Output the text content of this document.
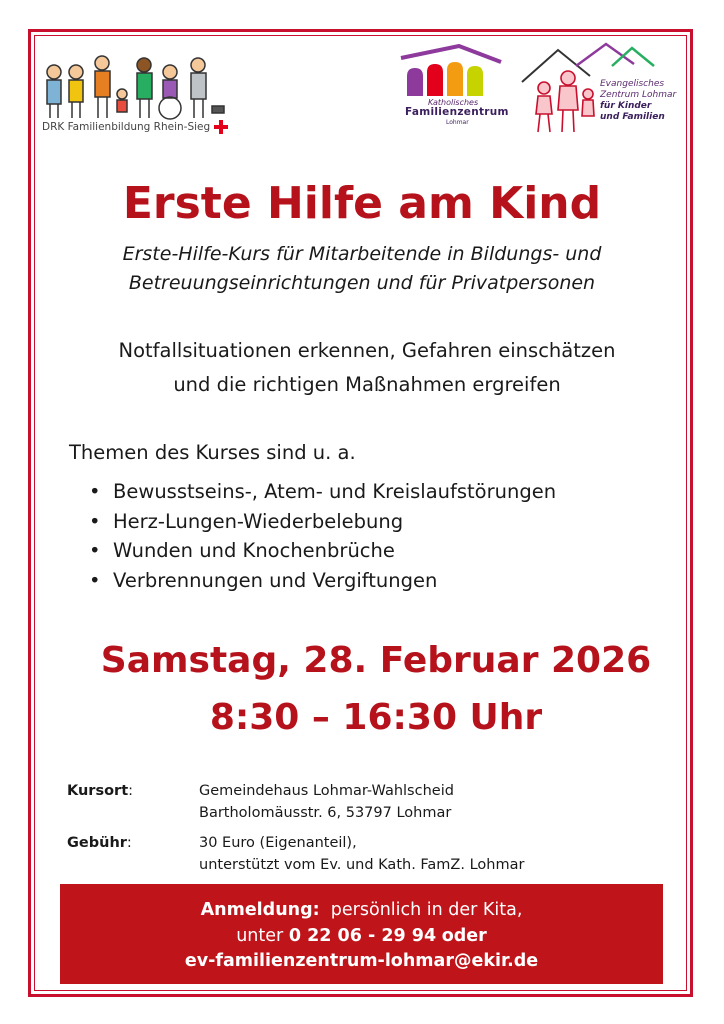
DRK Familienbildung Rhein-Sieg
Katholisches
Familienzentrum
Lohmar
Evangelisches
Zentrum Lohmar
für Kinder
und Familien
Erste Hilfe am Kind
Erste-Hilfe-Kurs für Mitarbeitende in Bildungs- und
Betreuungseinrichtungen und für Privatpersonen
Notfallsituationen erkennen, Gefahren einschätzen
und die richtigen Maßnahmen ergreifen
Themen des Kurses sind u. a.
• Bewusstseins-, Atem- und Kreislaufstörungen
• Herz-Lungen-Wiederbelebung
• Wunden und Knochenbrüche
• Verbrennungen und Vergiftungen
Samstag, 28. Februar 2026
8:30 – 16:30 Uhr
Kursort:	Gemeindehaus Lohmar-Wahlscheid
Bartholomäusstr. 6, 53797 Lohmar
Gebühr:	30 Euro (Eigenanteil),
unterstützt vom Ev. und Kath. FamZ. Lohmar
Anmeldung: persönlich in der Kita,
unter 0 22 06 - 29 94 oder
ev-familienzentrum-lohmar@ekir.de
